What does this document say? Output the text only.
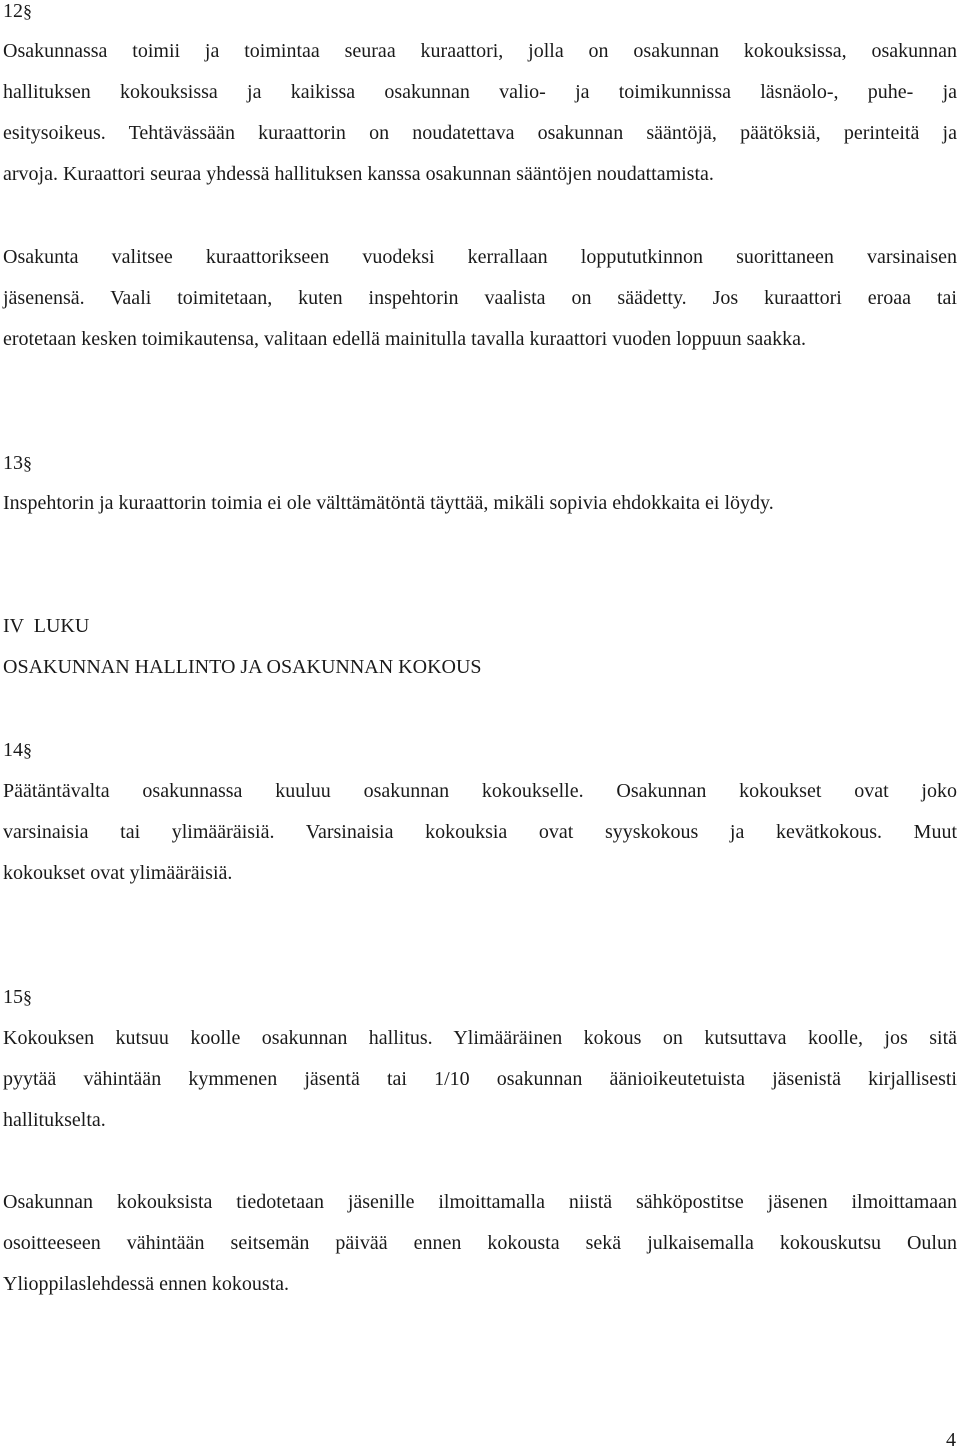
12§
Osakunnassa toimii ja toimintaa seuraa kuraattori, jolla on osakunnan kokouksissa, osakunnan
hallituksen kokouksissa ja kaikissa osakunnan valio- ja toimikunnissa läsnäolo-, puhe- ja
esitysoikeus. Tehtävässään kuraattorin on noudatettava osakunnan sääntöjä, päätöksiä, perinteitä ja
arvoja. Kuraattori seuraa yhdessä hallituksen kanssa osakunnan sääntöjen noudattamista.
Osakunta valitsee kuraattorikseen vuodeksi kerrallaan loppututkinnon suorittaneen varsinaisen
jäsenensä. Vaali toimitetaan, kuten inspehtorin vaalista on säädetty. Jos kuraattori eroaa tai
erotetaan kesken toimikautensa, valitaan edellä mainitulla tavalla kuraattori vuoden loppuun saakka.
13§
Inspehtorin ja kuraattorin toimia ei ole välttämätöntä täyttää, mikäli sopivia ehdokkaita ei löydy.
IV  LUKU
OSAKUNNAN HALLINTO JA OSAKUNNAN KOKOUS
14§
Päätäntävalta osakunnassa kuuluu osakunnan kokoukselle. Osakunnan kokoukset ovat joko
varsinaisia tai ylimääräisiä. Varsinaisia kokouksia ovat syyskokous ja kevätkokous. Muut
kokoukset ovat ylimääräisiä.
15§
Kokouksen kutsuu koolle osakunnan hallitus. Ylimääräinen kokous on kutsuttava koolle, jos sitä
pyytää vähintään kymmenen jäsentä tai 1/10 osakunnan äänioikeutetuista jäsenistä kirjallisesti
hallitukselta.
Osakunnan kokouksista tiedotetaan jäsenille ilmoittamalla niistä sähköpostitse jäsenen ilmoittamaan
osoitteeseen vähintään seitsemän päivää ennen kokousta sekä julkaisemalla kokouskutsu Oulun
Ylioppilaslehdessä ennen kokousta.
4
